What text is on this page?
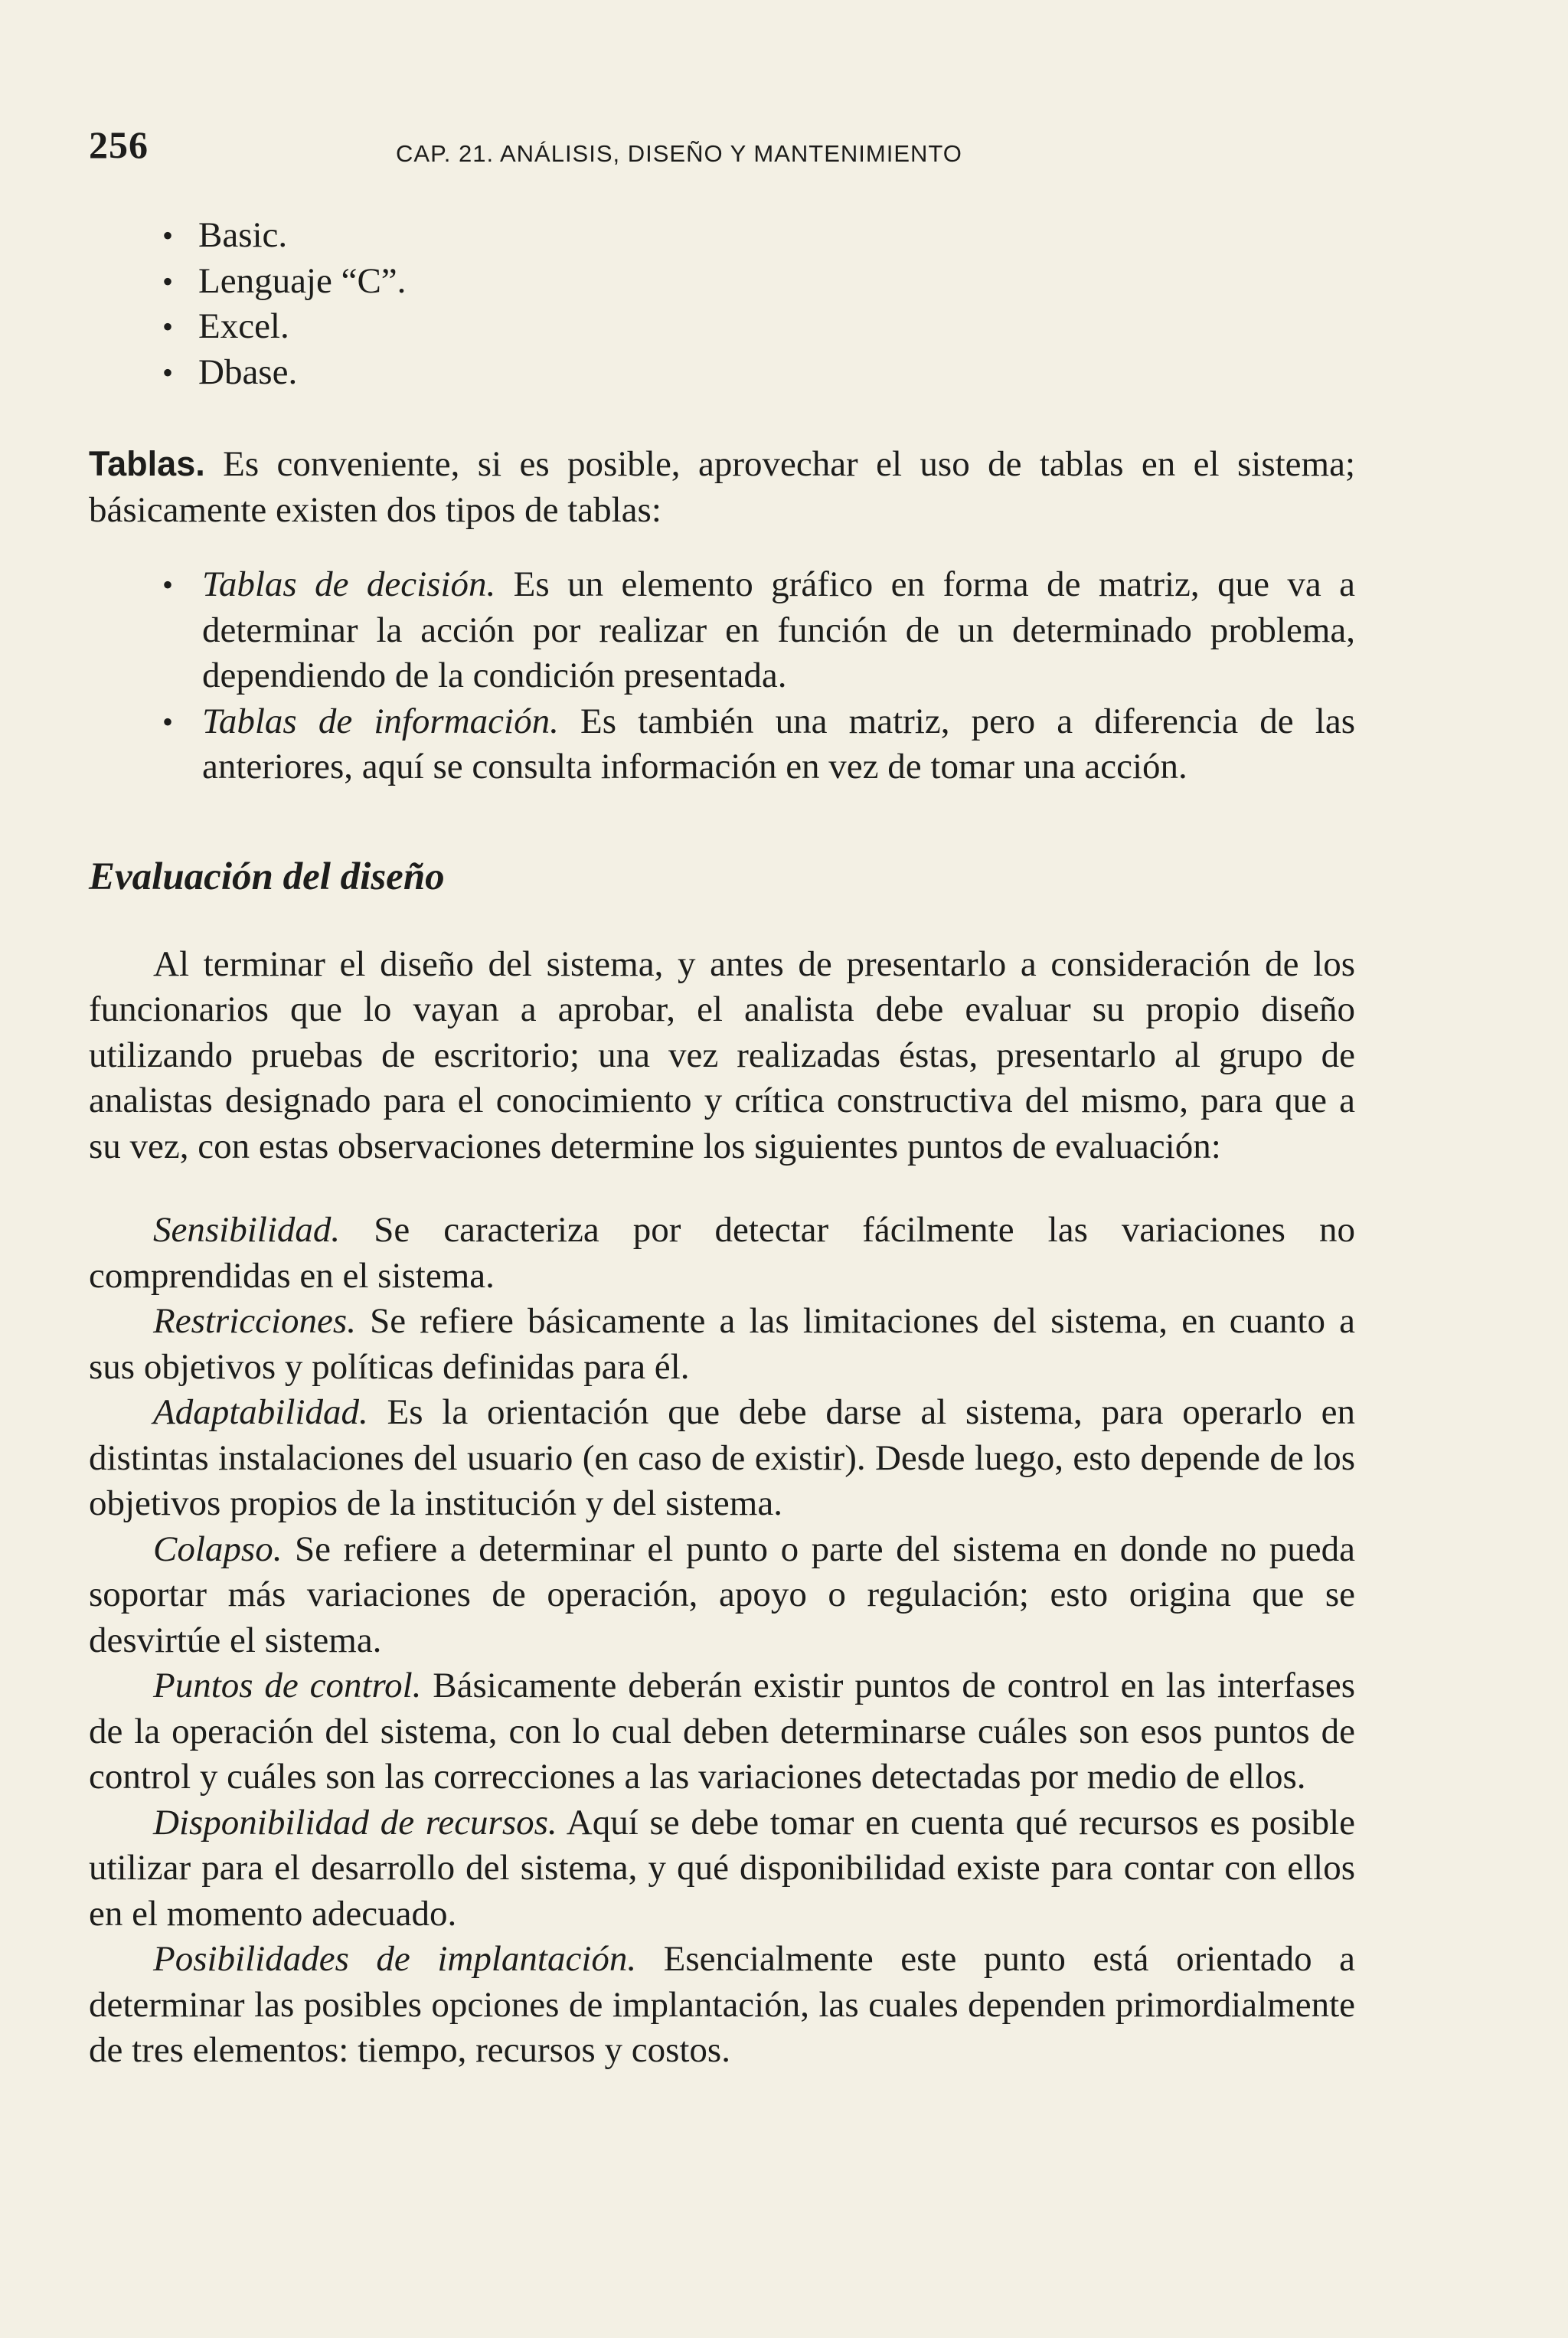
256	CAP. 21. ANÁLISIS, DISEÑO Y MANTENIMIENTO
• Basic.
• Lenguaje “C”.
• Excel.
• Dbase.

Tablas. Es conveniente, si es posible, aprovechar el uso de tablas en el sistema; básicamente existen dos tipos de tablas:

• Tablas de decisión. Es un elemento gráfico en forma de matriz, que va a determinar la acción por realizar en función de un determinado problema, dependiendo de la condición presentada.
• Tablas de información. Es también una matriz, pero a diferencia de las anteriores, aquí se consulta información en vez de tomar una acción.
Evaluación del diseño

Al terminar el diseño del sistema, y antes de presentarlo a consideración de los funcionarios que lo vayan a aprobar, el analista debe evaluar su propio diseño utilizando pruebas de escritorio; una vez realizadas éstas, presentarlo al grupo de analistas designado para el conocimiento y crítica constructiva del mismo, para que a su vez, con estas observaciones determine los siguientes puntos de evaluación:

Sensibilidad. Se caracteriza por detectar fácilmente las variaciones no comprendidas en el sistema.

Restricciones. Se refiere básicamente a las limitaciones del sistema, en cuanto a sus objetivos y políticas definidas para él.

Adaptabilidad. Es la orientación que debe darse al sistema, para operarlo en distintas instalaciones del usuario (en caso de existir). Desde luego, esto depende de los objetivos propios de la institución y del sistema.

Colapso. Se refiere a determinar el punto o parte del sistema en donde no pueda soportar más variaciones de operación, apoyo o regulación; esto origina que se desvirtúe el sistema.

Puntos de control. Básicamente deberán existir puntos de control en las interfases de la operación del sistema, con lo cual deben determinarse cuáles son esos puntos de control y cuáles son las correcciones a las variaciones detectadas por medio de ellos.

Disponibilidad de recursos. Aquí se debe tomar en cuenta qué recursos es posible utilizar para el desarrollo del sistema, y qué disponibilidad existe para contar con ellos en el momento adecuado.

Posibilidades de implantación. Esencialmente este punto está orientado a determinar las posibles opciones de implantación, las cuales dependen primordialmente de tres elementos: tiempo, recursos y costos.
